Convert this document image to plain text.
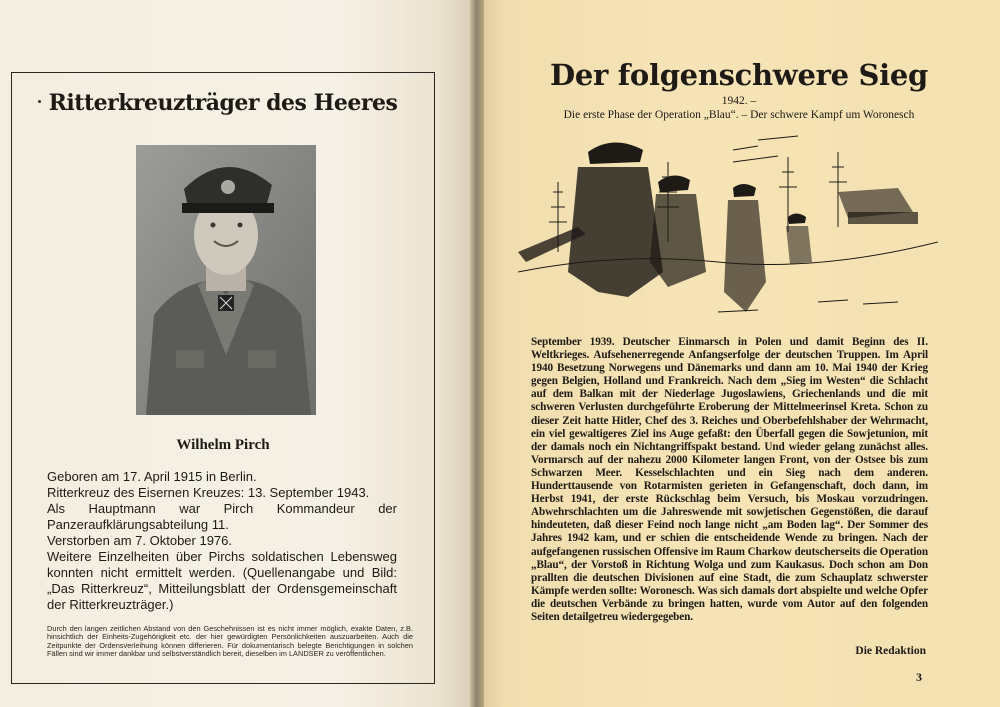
Ritterkreuzträger des Heeres
Wilhelm Pirch

Geboren am 17. April 1915 in Berlin.

Ritterkreuz des Eisernen Kreuzes: 13. September 1943.

Als Hauptmann war Pirch Kommandeur der Panzeraufklärungsabteilung 11.

Verstorben am 7. Oktober 1976.

Weitere Einzelheiten über Pirchs soldatischen Lebensweg konnten nicht ermittelt werden. (Quellenangabe und Bild: „Das Ritterkreuz“, Mitteilungsblatt der Ordensgemeinschaft der Ritterkreuzträger.)

Durch den langen zeitlichen Abstand von den Geschehnissen ist es nicht immer möglich, exakte Daten, z.B. hinsichtlich der Einheits-Zugehörigkeit etc. der hier gewürdigten Persönlichkeiten auszuarbeiten. Auch die Zeitpunkte der Ordensverleihung können differieren. Für dokumentarisch belegte Berichtigungen in solchen Fällen sind wir immer dankbar und selbstverständlich bereit, dieselben im LANDSER zu veröffentlichen.

Der folgenschwere Sieg
1942. –
Die erste Phase der Operation „Blau“. – Der schwere Kampf um Woronesch

September 1939. Deutscher Einmarsch in Polen und damit Beginn des II. Weltkrieges. Aufsehenerregende Anfangserfolge der deutschen Truppen. Im April 1940 Besetzung Norwegens und Dänemarks und dann am 10. Mai 1940 der Krieg gegen Belgien, Holland und Frankreich. Nach dem „Sieg im Westen“ die Schlacht auf dem Balkan mit der Niederlage Jugoslawiens, Griechenlands und die mit schweren Verlusten durchgeführte Eroberung der Mittelmeerinsel Kreta. Schon zu dieser Zeit hatte Hitler, Chef des 3. Reiches und Oberbefehlshaber der Wehrmacht, ein viel gewaltigeres Ziel ins Auge gefaßt: den Überfall gegen die Sowjetunion, mit der damals noch ein Nichtangriffspakt bestand. Und wieder gelang zunächst alles. Vormarsch auf der nahezu 2000 Kilometer langen Front, von der Ostsee bis zum Schwarzen Meer. Kesselschlachten und ein Sieg nach dem anderen. Hunderttausende von Rotarmisten gerieten in Gefangenschaft, doch dann, im Herbst 1941, der erste Rückschlag beim Versuch, bis Moskau vorzudringen. Abwehrschlachten um die Jahreswende mit sowjetischen Gegenstößen, die darauf hindeuteten, daß dieser Feind noch lange nicht „am Boden lag“. Der Sommer des Jahres 1942 kam, und er schien die entscheidende Wende zu bringen. Nach der aufgefangenen russischen Offensive im Raum Charkow deutscherseits die Operation „Blau“, der Vorstoß in Richtung Wolga und zum Kaukasus. Doch schon am Don prallten die deutschen Divisionen auf eine Stadt, die zum Schauplatz schwerster Kämpfe werden sollte: Woronesch. Was sich damals dort abspielte und welche Opfer die deutschen Verbände zu bringen hatten, wurde vom Autor auf den folgenden Seiten detailgetreu wiedergegeben.

Die Redaktion
3
